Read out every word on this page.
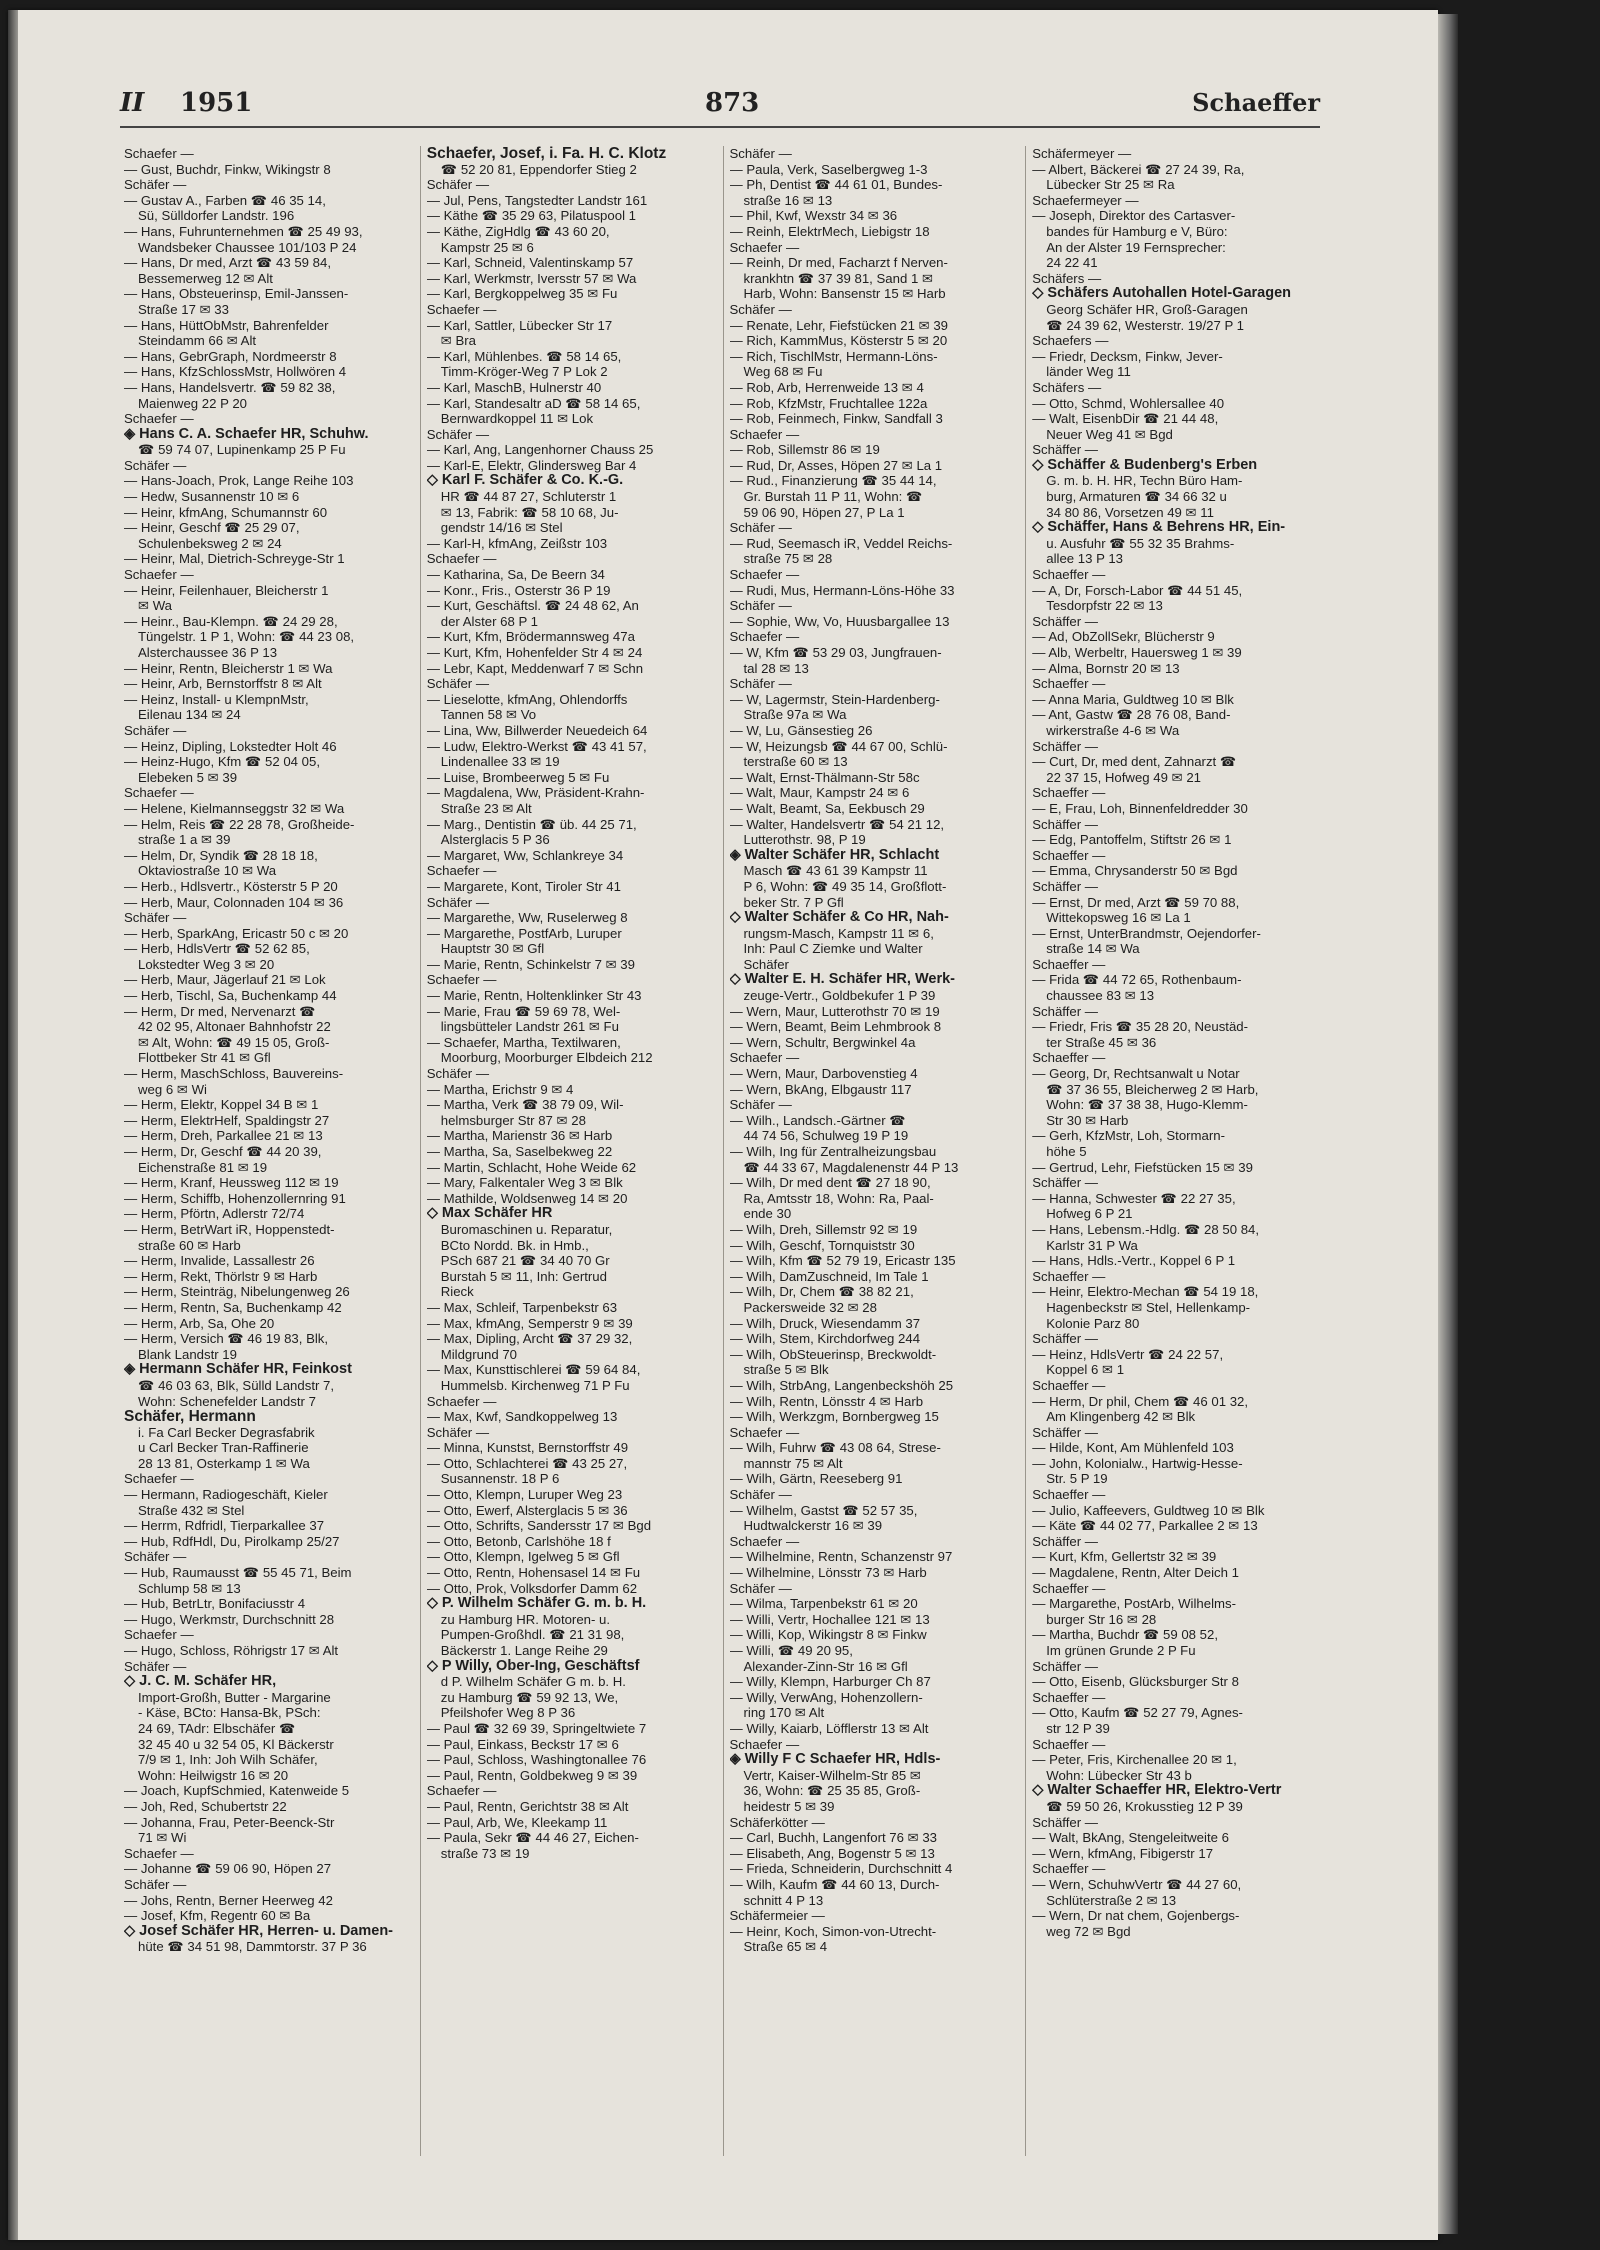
II 1951	873	Schaeffer
Schaefer —
— Gust, Buchdr, Finkw, Wikingstr 8
Schäfer —
— Gustav A., Farben ☎ 46 35 14,
Sü, Sülldorfer Landstr. 196
— Hans, Fuhrunternehmen ☎ 25 49 93,
Wandsbeker Chaussee 101/103 P 24
— Hans, Dr med, Arzt ☎ 43 59 84,
Bessemerweg 12 ✉ Alt
— Hans, Obsteuerinsp, Emil-Janssen-
Straße 17 ✉ 33
— Hans, HüttObMstr, Bahrenfelder
Steindamm 66 ✉ Alt
— Hans, GebrGraph, Nordmeerstr 8
— Hans, KfzSchlossMstr, Hollwören 4
— Hans, Handelsvertr. ☎ 59 82 38,
Maienweg 22 P 20
Schaefer —
◈ Hans C. A. Schaefer HR, Schuhw.
☎ 59 74 07, Lupinenkamp 25 P Fu
Schäfer —
— Hans-Joach, Prok, Lange Reihe 103
— Hedw, Susannenstr 10 ✉ 6
— Heinr, kfmAng, Schumannstr 60
— Heinr, Geschf ☎ 25 29 07,
Schulenbeksweg 2 ✉ 24
— Heinr, Mal, Dietrich-Schreyge-Str 1
Schaefer —
— Heinr, Feilenhauer, Bleicherstr 1
✉ Wa
— Heinr., Bau-Klempn. ☎ 24 29 28,
Tüngelstr. 1 P 1, Wohn: ☎ 44 23 08,
Alsterchaussee 36 P 13
— Heinr, Rentn, Bleicherstr 1 ✉ Wa
— Heinr, Arb, Bernstorffstr 8 ✉ Alt
— Heinz, Install- u KlempnMstr,
Eilenau 134 ✉ 24
Schäfer —
— Heinz, Dipling, Lokstedter Holt 46
— Heinz-Hugo, Kfm ☎ 52 04 05,
Elebeken 5 ✉ 39
Schaefer —
— Helene, Kielmannseggstr 32 ✉ Wa
— Helm, Reis ☎ 22 28 78, Großheide-
straße 1 a ✉ 39
— Helm, Dr, Syndik ☎ 28 18 18,
Oktaviostraße 10 ✉ Wa
— Herb., Hdlsvertr., Kösterstr 5 P 20
— Herb, Maur, Colonnaden 104 ✉ 36
Schäfer —
— Herb, SparkAng, Ericastr 50 c ✉ 20
— Herb, HdlsVertr ☎ 52 62 85,
Lokstedter Weg 3 ✉ 20
— Herb, Maur, Jägerlauf 21 ✉ Lok
— Herb, Tischl, Sa, Buchenkamp 44
— Herm, Dr med, Nervenarzt ☎
42 02 95, Altonaer Bahnhofstr 22
✉ Alt, Wohn: ☎ 49 15 05, Groß-
Flottbeker Str 41 ✉ Gfl
— Herm, MaschSchloss, Bauvereins-
weg 6 ✉ Wi
— Herm, Elektr, Koppel 34 B ✉ 1
— Herm, ElektrHelf, Spaldingstr 27
— Herm, Dreh, Parkallee 21 ✉ 13
— Herm, Dr, Geschf ☎ 44 20 39,
Eichenstraße 81 ✉ 19
— Herm, Kranf, Heussweg 112 ✉ 19
— Herm, Schiffb, Hohenzollernring 91
— Herm, Pförtn, Adlerstr 72/74
— Herm, BetrWart iR, Hoppenstedt-
straße 60 ✉ Harb
— Herm, Invalide, Lassallestr 26
— Herm, Rekt, Thörlstr 9 ✉ Harb
— Herm, Steinträg, Nibelungenweg 26
— Herm, Rentn, Sa, Buchenkamp 42
— Herm, Arb, Sa, Ohe 20
— Herm, Versich ☎ 46 19 83, Blk,
Blank Landstr 19
◈ Hermann Schäfer HR, Feinkost
☎ 46 03 63, Blk, Sülld Landstr 7,
Wohn: Schenefelder Landstr 7
Schäfer, Hermann
i. Fa Carl Becker Degrasfabrik
u Carl Becker Tran-Raffinerie
28 13 81, Osterkamp 1 ✉ Wa
Schaefer —
— Hermann, Radiogeschäft, Kieler
Straße 432 ✉ Stel
— Herrm, Rdfridl, Tierparkallee 37
— Hub, RdfHdl, Du, Pirolkamp 25/27
Schäfer —
— Hub, Raumausst ☎ 55 45 71, Beim
Schlump 58 ✉ 13
— Hub, BetrLtr, Bonifaciusstr 4
— Hugo, Werkmstr, Durchschnitt 28
Schaefer —
— Hugo, Schloss, Röhrigstr 17 ✉ Alt
Schäfer —
◇ J. C. M. Schäfer HR,
Import-Großh, Butter - Margarine
- Käse, BCto: Hansa-Bk, PSch:
24 69, TAdr: Elbschäfer ☎
32 45 40 u 32 54 05, Kl Bäckerstr
7/9 ✉ 1, Inh: Joh Wilh Schäfer,
Wohn: Heilwigstr 16 ✉ 20
— Joach, KupfSchmied, Katenweide 5
— Joh, Red, Schubertstr 22
— Johanna, Frau, Peter-Beenck-Str
71 ✉ Wi
Schaefer —
— Johanne ☎ 59 06 90, Höpen 27
Schäfer —
— Johs, Rentn, Berner Heerweg 42
— Josef, Kfm, Regentr 60 ✉ Ba
◇ Josef Schäfer HR, Herren- u. Damen-
hüte ☎ 34 51 98, Dammtorstr. 37 P 36
Schaefer, Josef, i. Fa. H. C. Klotz
☎ 52 20 81, Eppendorfer Stieg 2
Schäfer —
— Jul, Pens, Tangstedter Landstr 161
— Käthe ☎ 35 29 63, Pilatuspool 1
— Käthe, ZigHdlg ☎ 43 60 20,
Kampstr 25 ✉ 6
— Karl, Schneid, Valentinskamp 57
— Karl, Werkmstr, Iversstr 57 ✉ Wa
— Karl, Bergkoppelweg 35 ✉ Fu
Schaefer —
— Karl, Sattler, Lübecker Str 17
✉ Bra
— Karl, Mühlenbes. ☎ 58 14 65,
Timm-Kröger-Weg 7 P Lok 2
— Karl, MaschB, Hulnerstr 40
— Karl, Standesaltr aD ☎ 58 14 65,
Bernwardkoppel 11 ✉ Lok
Schäfer —
— Karl, Ang, Langenhorner Chauss 25
— Karl-E, Elektr, Glindersweg Bar 4
◇ Karl F. Schäfer & Co. K.-G.
HR ☎ 44 87 27, Schluterstr 1
✉ 13, Fabrik: ☎ 58 10 68, Ju-
gendstr 14/16 ✉ Stel
— Karl-H, kfmAng, Zeißstr 103
Schaefer —
— Katharina, Sa, De Beern 34
— Konr., Fris., Osterstr 36 P 19
— Kurt, Geschäftsl. ☎ 24 48 62, An
der Alster 68 P 1
— Kurt, Kfm, Brödermannsweg 47a
— Kurt, Kfm, Hohenfelder Str 4 ✉ 24
— Lebr, Kapt, Meddenwarf 7 ✉ Schn
Schäfer —
— Lieselotte, kfmAng, Ohlendorffs
Tannen 58 ✉ Vo
— Lina, Ww, Billwerder Neuedeich 64
— Ludw, Elektro-Werkst ☎ 43 41 57,
Lindenallee 33 ✉ 19
— Luise, Brombeerweg 5 ✉ Fu
— Magdalena, Ww, Präsident-Krahn-
Straße 23 ✉ Alt
— Marg., Dentistin ☎ üb. 44 25 71,
Alsterglacis 5 P 36
— Margaret, Ww, Schlankreye 34
Schaefer —
— Margarete, Kont, Tiroler Str 41
Schäfer —
— Margarethe, Ww, Ruselerweg 8
— Margarethe, PostfArb, Luruper
Hauptstr 30 ✉ Gfl
— Marie, Rentn, Schinkelstr 7 ✉ 39
Schaefer —
— Marie, Rentn, Holtenklinker Str 43
— Marie, Frau ☎ 59 69 78, Wel-
lingsbütteler Landstr 261 ✉ Fu
— Schaefer, Martha, Textilwaren,
Moorburg, Moorburger Elbdeich 212
Schäfer —
— Martha, Erichstr 9 ✉ 4
— Martha, Verk ☎ 38 79 09, Wil-
helmsburger Str 87 ✉ 28
— Martha, Marienstr 36 ✉ Harb
— Martha, Sa, Saselbekweg 22
— Martin, Schlacht, Hohe Weide 62
— Mary, Falkentaler Weg 3 ✉ Blk
— Mathilde, Woldsenweg 14 ✉ 20
◇ Max Schäfer HR
Buromaschinen u. Reparatur,
BCto Nordd. Bk. in Hmb.,
PSch 687 21 ☎ 34 40 70 Gr
Burstah 5 ✉ 11, Inh: Gertrud
Rieck
— Max, Schleif, Tarpenbekstr 63
— Max, kfmAng, Semperstr 9 ✉ 39
— Max, Dipling, Archt ☎ 37 29 32,
Mildgrund 70
— Max, Kunsttischlerei ☎ 59 64 84,
Hummelsb. Kirchenweg 71 P Fu
Schaefer —
— Max, Kwf, Sandkoppelweg 13
Schäfer —
— Minna, Kunstst, Bernstorffstr 49
— Otto, Schlachterei ☎ 43 25 27,
Susannenstr. 18 P 6
— Otto, Klempn, Luruper Weg 23
— Otto, Ewerf, Alsterglacis 5 ✉ 36
— Otto, Schrifts, Sandersstr 17 ✉ Bgd
— Otto, Betonb, Carlshöhe 18 f
— Otto, Klempn, Igelweg 5 ✉ Gfl
— Otto, Rentn, Hohensasel 14 ✉ Fu
— Otto, Prok, Volksdorfer Damm 62
◇ P. Wilhelm Schäfer G. m. b. H.
zu Hamburg HR. Motoren- u.
Pumpen-Großhdl. ☎ 21 31 98,
Bäckerstr 1. Lange Reihe 29
◇ P Willy, Ober-Ing, Geschäftsf
d P. Wilhelm Schäfer G m. b. H.
zu Hamburg ☎ 59 92 13, We,
Pfeilshofer Weg 8 P 36
— Paul ☎ 32 69 39, Springeltwiete 7
— Paul, Einkass, Beckstr 17 ✉ 6
— Paul, Schloss, Washingtonallee 76
— Paul, Rentn, Goldbekweg 9 ✉ 39
Schaefer —
— Paul, Rentn, Gerichtstr 38 ✉ Alt
— Paul, Arb, We, Kleekamp 11
— Paula, Sekr ☎ 44 46 27, Eichen-
straße 73 ✉ 19
Schäfer —
— Paula, Verk, Saselbergweg 1-3
— Ph, Dentist ☎ 44 61 01, Bundes-
straße 16 ✉ 13
— Phil, Kwf, Wexstr 34 ✉ 36
— Reinh, ElektrMech, Liebigstr 18
Schaefer —
— Reinh, Dr med, Facharzt f Nerven-
krankhtn ☎ 37 39 81, Sand 1 ✉
Harb, Wohn: Bansenstr 15 ✉ Harb
Schäfer —
— Renate, Lehr, Fiefstücken 21 ✉ 39
— Rich, KammMus, Kösterstr 5 ✉ 20
— Rich, TischlMstr, Hermann-Löns-
Weg 68 ✉ Fu
— Rob, Arb, Herrenweide 13 ✉ 4
— Rob, KfzMstr, Fruchtallee 122a
— Rob, Feinmech, Finkw, Sandfall 3
Schaefer —
— Rob, Sillemstr 86 ✉ 19
— Rud, Dr, Asses, Höpen 27 ✉ La 1
— Rud., Finanzierung ☎ 35 44 14,
Gr. Burstah 11 P 11, Wohn: ☎
59 06 90, Höpen 27, P La 1
Schäfer —
— Rud, Seemasch iR, Veddel Reichs-
straße 75 ✉ 28
Schaefer —
— Rudi, Mus, Hermann-Löns-Höhe 33
Schäfer —
— Sophie, Ww, Vo, Huusbargallee 13
Schaefer —
— W, Kfm ☎ 53 29 03, Jungfrauen-
tal 28 ✉ 13
Schäfer —
— W, Lagermstr, Stein-Hardenberg-
Straße 97a ✉ Wa
— W, Lu, Gänsestieg 26
— W, Heizungsb ☎ 44 67 00, Schlü-
terstraße 60 ✉ 13
— Walt, Ernst-Thälmann-Str 58c
— Walt, Maur, Kampstr 24 ✉ 6
— Walt, Beamt, Sa, Eekbusch 29
— Walter, Handelsvertr ☎ 54 21 12,
Lutterothstr. 98, P 19
◈ Walter Schäfer HR, Schlacht
Masch ☎ 43 61 39 Kampstr 11
P 6, Wohn: ☎ 49 35 14, Großflott-
beker Str. 7 P Gfl
◇ Walter Schäfer & Co HR, Nah-
rungsm-Masch, Kampstr 11 ✉ 6,
Inh: Paul C Ziemke und Walter
Schäfer
◇ Walter E. H. Schäfer HR, Werk-
zeuge-Vertr., Goldbekufer 1 P 39
— Wern, Maur, Lutterothstr 70 ✉ 19
— Wern, Beamt, Beim Lehmbrook 8
— Wern, Schultr, Bergwinkel 4a
Schaefer —
— Wern, Maur, Darbovenstieg 4
— Wern, BkAng, Elbgaustr 117
Schäfer —
— Wilh., Landsch.-Gärtner ☎
44 74 56, Schulweg 19 P 19
— Wilh, Ing für Zentralheizungsbau
☎ 44 33 67, Magdalenenstr 44 P 13
— Wilh, Dr med dent ☎ 27 18 90,
Ra, Amtsstr 18, Wohn: Ra, Paal-
ende 30
— Wilh, Dreh, Sillemstr 92 ✉ 19
— Wilh, Geschf, Tornquiststr 30
— Wilh, Kfm ☎ 52 79 19, Ericastr 135
— Wilh, DamZuschneid, Im Tale 1
— Wilh, Dr, Chem ☎ 38 82 21,
Packersweide 32 ✉ 28
— Wilh, Druck, Wiesendamm 37
— Wilh, Stem, Kirchdorfweg 244
— Wilh, ObSteuerinsp, Breckwoldt-
straße 5 ✉ Blk
— Wilh, StrbAng, Langenbeckshöh 25
— Wilh, Rentn, Lönsstr 4 ✉ Harb
— Wilh, Werkzgm, Bornbergweg 15
Schaefer —
— Wilh, Fuhrw ☎ 43 08 64, Strese-
mannstr 75 ✉ Alt
— Wilh, Gärtn, Reeseberg 91
Schäfer —
— Wilhelm, Gastst ☎ 52 57 35,
Hudtwalckerstr 16 ✉ 39
Schaefer —
— Wilhelmine, Rentn, Schanzenstr 97
— Wilhelmine, Lönsstr 73 ✉ Harb
Schäfer —
— Wilma, Tarpenbekstr 61 ✉ 20
— Willi, Vertr, Hochallee 121 ✉ 13
— Willi, Kop, Wikingstr 8 ✉ Finkw
— Willi, ☎ 49 20 95,
Alexander-Zinn-Str 16 ✉ Gfl
— Willy, Klempn, Harburger Ch 87
— Willy, VerwAng, Hohenzollern-
ring 170 ✉ Alt
— Willy, Kaiarb, Löfflerstr 13 ✉ Alt
Schaefer —
◈ Willy F C Schaefer HR, Hdls-
Vertr, Kaiser-Wilhelm-Str 85 ✉
36, Wohn: ☎ 25 35 85, Groß-
heidestr 5 ✉ 39
Schäferkötter —
— Carl, Buchh, Langenfort 76 ✉ 33
— Elisabeth, Ang, Bogenstr 5 ✉ 13
— Frieda, Schneiderin, Durchschnitt 4
— Wilh, Kaufm ☎ 44 60 13, Durch-
schnitt 4 P 13
Schäfermeier —
— Heinr, Koch, Simon-von-Utrecht-
Straße 65 ✉ 4
Schäfermeyer —
— Albert, Bäckerei ☎ 27 24 39, Ra,
Lübecker Str 25 ✉ Ra
Schaefermeyer —
— Joseph, Direktor des Cartasver-
bandes für Hamburg e V, Büro:
An der Alster 19 Fernsprecher:
24 22 41
Schäfers —
◇ Schäfers Autohallen Hotel-Garagen
Georg Schäfer HR, Groß-Garagen
☎ 24 39 62, Westerstr. 19/27 P 1
Schaefers —
— Friedr, Decksm, Finkw, Jever-
länder Weg 11
Schäfers —
— Otto, Schmd, Wohlersallee 40
— Walt, EisenbDir ☎ 21 44 48,
Neuer Weg 41 ✉ Bgd
Schäffer —
◇ Schäffer & Budenberg's Erben
G. m. b. H. HR, Techn Büro Ham-
burg, Armaturen ☎ 34 66 32 u
34 80 86, Vorsetzen 49 ✉ 11
◇ Schäffer, Hans & Behrens HR, Ein-
u. Ausfuhr ☎ 55 32 35 Brahms-
allee 13 P 13
Schaeffer —
— A, Dr, Forsch-Labor ☎ 44 51 45,
Tesdorpfstr 22 ✉ 13
Schäffer —
— Ad, ObZollSekr, Blücherstr 9
— Alb, Werbeltr, Hauersweg 1 ✉ 39
— Alma, Bornstr 20 ✉ 13
Schaeffer —
— Anna Maria, Guldtweg 10 ✉ Blk
— Ant, Gastw ☎ 28 76 08, Band-
wirkerstraße 4-6 ✉ Wa
Schäffer —
— Curt, Dr, med dent, Zahnarzt ☎
22 37 15, Hofweg 49 ✉ 21
Schaeffer —
— E, Frau, Loh, Binnenfeldredder 30
Schäffer —
— Edg, Pantoffelm, Stiftstr 26 ✉ 1
Schaeffer —
— Emma, Chrysanderstr 50 ✉ Bgd
Schäffer —
— Ernst, Dr med, Arzt ☎ 59 70 88,
Wittekopsweg 16 ✉ La 1
— Ernst, UnterBrandmstr, Oejendorfer-
straße 14 ✉ Wa
Schaeffer —
— Frida ☎ 44 72 65, Rothenbaum-
chaussee 83 ✉ 13
Schäffer —
— Friedr, Fris ☎ 35 28 20, Neustäd-
ter Straße 45 ✉ 36
Schaeffer —
— Georg, Dr, Rechtsanwalt u Notar
☎ 37 36 55, Bleicherweg 2 ✉ Harb,
Wohn: ☎ 37 38 38, Hugo-Klemm-
Str 30 ✉ Harb
— Gerh, KfzMstr, Loh, Stormarn-
höhe 5
— Gertrud, Lehr, Fiefstücken 15 ✉ 39
Schäffer —
— Hanna, Schwester ☎ 22 27 35,
Hofweg 6 P 21
— Hans, Lebensm.-Hdlg. ☎ 28 50 84,
Karlstr 31 P Wa
— Hans, Hdls.-Vertr., Koppel 6 P 1
Schaeffer —
— Heinr, Elektro-Mechan ☎ 54 19 18,
Hagenbeckstr ✉ Stel, Hellenkamp-
Kolonie Parz 80
Schäffer —
— Heinz, HdlsVertr ☎ 24 22 57,
Koppel 6 ✉ 1
Schaeffer —
— Herm, Dr phil, Chem ☎ 46 01 32,
Am Klingenberg 42 ✉ Blk
Schäffer —
— Hilde, Kont, Am Mühlenfeld 103
— John, Kolonialw., Hartwig-Hesse-
Str. 5 P 19
Schaeffer —
— Julio, Kaffeevers, Guldtweg 10 ✉ Blk
— Käte ☎ 44 02 77, Parkallee 2 ✉ 13
Schäffer —
— Kurt, Kfm, Gellertstr 32 ✉ 39
— Magdalene, Rentn, Alter Deich 1
Schaeffer —
— Margarethe, PostArb, Wilhelms-
burger Str 16 ✉ 28
— Martha, Buchdr ☎ 59 08 52,
Im grünen Grunde 2 P Fu
Schäffer —
— Otto, Eisenb, Glücksburger Str 8
Schaeffer —
— Otto, Kaufm ☎ 52 27 79, Agnes-
str 12 P 39
Schaeffer —
— Peter, Fris, Kirchenallee 20 ✉ 1,
Wohn: Lübecker Str 43 b
◇ Walter Schaeffer HR, Elektro-Vertr
☎ 59 50 26, Krokusstieg 12 P 39
Schäffer —
— Walt, BkAng, Stengeleitweite 6
— Wern, kfmAng, Fibigerstr 17
Schaeffer —
— Wern, SchuhwVertr ☎ 44 27 60,
Schlüterstraße 2 ✉ 13
— Wern, Dr nat chem, Gojenbergs-
weg 72 ✉ Bgd
